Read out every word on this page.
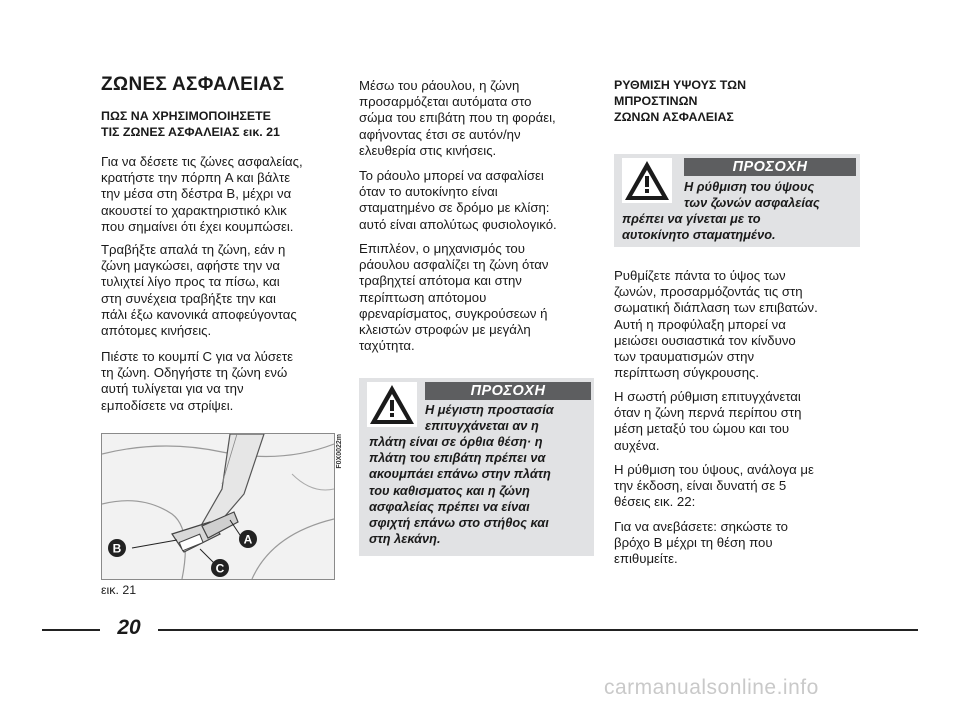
ΖΩΝΕΣ ΑΣΦΑΛΕΙΑΣ

ΠΩΣ ΝΑ ΧΡΗΣΙΜΟΠΟΙΗΣΕΤΕ
ΤΙΣ ΖΩΝΕΣ ΑΣΦΑΛΕΙΑΣ εικ. 21

Για να δέσετε τις ζώνες ασφαλείας,
κρατήστε την πόρπη A και βάλτε
την μέσα στη δέστρα B, μέχρι να
ακουστεί το χαρακτηριστικό κλικ
που σημαίνει ότι έχει κουμπώσει.

Τραβήξτε απαλά τη ζώνη, εάν η
ζώνη μαγκώσει, αφήστε την να
τυλιχτεί λίγο προς τα πίσω, και
στη συνέχεια τραβήξτε την και
πάλι έξω κανονικά αποφεύγοντας
απότομες κινήσεις.

Πιέστε το κουμπί C για να λύσετε
τη ζώνη. Οδηγήστε τη ζώνη ενώ
αυτή τυλίγεται για να την
εμποδίσετε να στρίψει.

A
B
C
F0X0022m
εικ. 21

Μέσω του ράουλου, η ζώνη
προσαρμόζεται αυτόματα στο
σώμα του επιβάτη που τη φοράει,
αφήνοντας έτσι σε αυτόν/ην
ελευθερία στις κινήσεις.

Το ράουλο μπορεί να ασφαλίσει
όταν το αυτοκίνητο είναι
σταματημένο σε δρόμο με κλίση:
αυτό είναι απολύτως φυσιολογικό.

Επιπλέον, ο μηχανισμός του
ράουλου ασφαλίζει τη ζώνη όταν
τραβηχτεί απότομα και στην
περίπτωση απότομου
φρεναρίσματος, συγκρούσεων ή
κλειστών στροφών με μεγάλη
ταχύτητα.

ΠΡΟΣΟΧΗ

Η μέγιστη προστασία
επιτυγχάνεται αν η

πλάτη είναι σε όρθια θέση· η
πλάτη του επιβάτη πρέπει να
ακουμπάει επάνω στην πλάτη
του καθισματος και η ζώνη
ασφαλείας πρέπει να είναι
σφιχτή επάνω στο στήθος και
στη λεκάνη.

ΡΥΘΜΙΣΗ ΥΨΟΥΣ ΤΩΝ
ΜΠΡΟΣΤΙΝΩΝ
ΖΩΝΩΝ ΑΣΦΑΛΕΙΑΣ

ΠΡΟΣΟΧΗ

Η ρύθμιση του ύψους
των ζωνών ασφαλείας

πρέπει να γίνεται με το
αυτοκίνητο σταματημένο.

Ρυθμίζετε πάντα το ύψος των
ζωνών, προσαρμόζοντάς τις στη
σωματική διάπλαση των επιβατών.
Αυτή η προφύλαξη μπορεί να
μειώσει ουσιαστικά τον κίνδυνο
των τραυματισμών στην
περίπτωση σύγκρουσης.

Η σωστή ρύθμιση επιτυγχάνεται
όταν η ζώνη περνά περίπου στη
μέση μεταξύ του ώμου και του
αυχένα.

Η ρύθμιση του ύψους, ανάλογα με
την έκδοση, είναι δυνατή σε 5
θέσεις εικ. 22:

Για να ανεβάσετε: σηκώστε το
βρόχο B μέχρι τη θέση που
επιθυμείτε.

20
carmanualsonline.info
